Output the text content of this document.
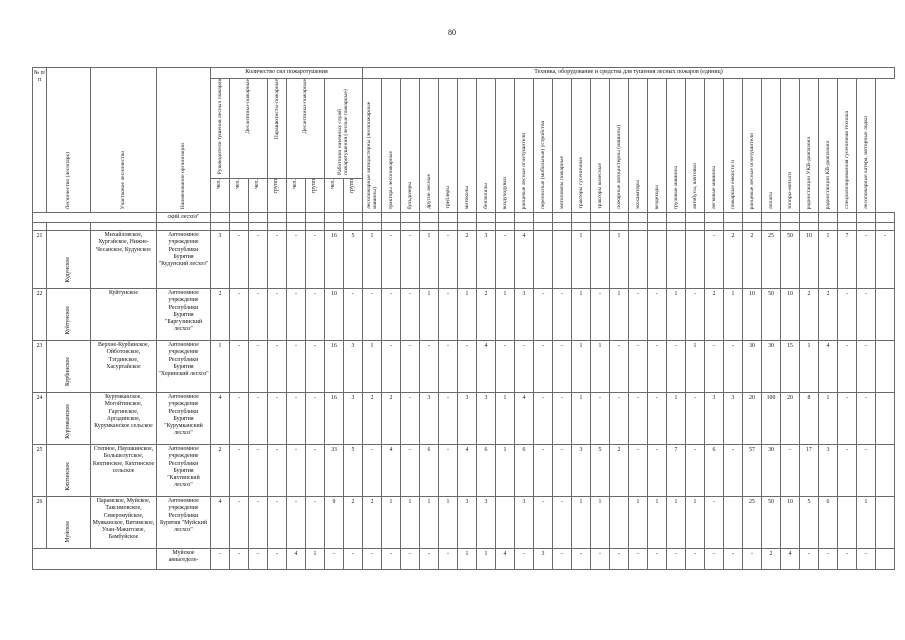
80
№ п/п	Лесничество (лесопарк)	Участковое лесничество	Наименование организации	Количество сил пожаротушения								Техника, оборудование и средства для тушения лесных пожаров (единиц)																											

				Руководители тушения лесных пожаров	Десантники-пожарные		Парашютисты-пожарные	Десантники-пожарные		Работники наземных служб пожаротушения (лесные пожарные)		лесопожарные автоцистерны (лесопожарные машины)	тракторы лесопожарные	бульдозеры	другие лесные	трейлеры	мотоколы	бензопилы	воздуходувки	ранцевые лесные огнетушители	переносные (мобильные) устройства	мотопомпы пожарные	тракторы гусеничные	тракторы колесные	пожарные автоцистерны (машины)	экскаваторы	вездеходы	грузовые машины	автобусы, вахтовки	легковые машины	пожарные емкости и	ранцевые лесные огнетушители	лопаты	топоры-мотыги	радиостанции УКВ-диапазона	радиостанции КВ-диапазона	специализированная гусеничная техника	лесопожарные катера, моторные лодки	

				чел.	чел.	чел.	групп	чел.	групп	чел.	групп																												

			ский лесхоз"																																				

21	Кудунское	Михайловское, Хургэйское, Нижне-Чесанское, Кудунское	Автономное учреждение Республики Бурятия "Кудунский лесхоз"	3	-	-	-	-	-	16	5	1	-	-	1	-	2	3	-	4			1		1					-	2	2	25	50	10	1	7	-	-
22	Куйтунское	Куйтунское	Автономное учреждение Республики Бурятия "Баргузинский лесхоз"	2	-	-	-	-	-	10	-	-	-	-	1	-	1	2	1	3	-	-	1	-	1	-	-	1	-	2	1	10	50	10	2	2	-	-	
23	Курбинское	Верхне-Курбинское, Ойботовское, Тэгдинское, Хасуртайское	Автономное учреждение Республики Бурятия "Хоринский лесхоз"	1	-	-	-	-	-	16	3	1	-	-	-	-	-	4	-	-	-	-	1	1	-	-	-	-	1	-	-	30	30	15	1	4	-	-	
24	Курумканское	Курумканское, Могойтинское, Гаргинское, Аргадинское, Курумканское сельское	Автономное учреждение Республики Бурятия "Курумканский лесхоз"	4	-	-	-	-	-	16	3	2	2	-	3	-	3	3	1	4	-	-	1	-	-	-	-	1	-	3	3	20	100	20	8	1	-	-	
25	Кяхтинское	Степное, Наушкинское, Большелугское, Кяхтинское, Кяхтинское сельское	Автономное учреждение Республики Бурятия "Кяхтинский лесхоз"	2	-	-	-	-	-	33	5	-	4	-	6	-	4	6	1	6	-	-	3	5	2	-	-	7	-	6	-	57	30	-	17	3	-	-	
26	Муйское	Парамское, Муйское, Таксимовское, Северомуйское, Муяканское, Витимское, Улан-Макитское, Бамбуйское	Автономное учреждение Республики Бурятия "Муйский лесхоз"	4	-	-	-	-	-	9	2	2	1	1	1	1	3	3		3	-	-	1	1		1	1	1	1	-		25	50	10	5	6		1	
			Муйское авиаотделе-	-	-	-	-	4	1	-	-	-	-	-	-	-	1	1	4	-	3	-	-	-	-	-	-	-	-	-	-	-	2	4	-	-	-	-	
